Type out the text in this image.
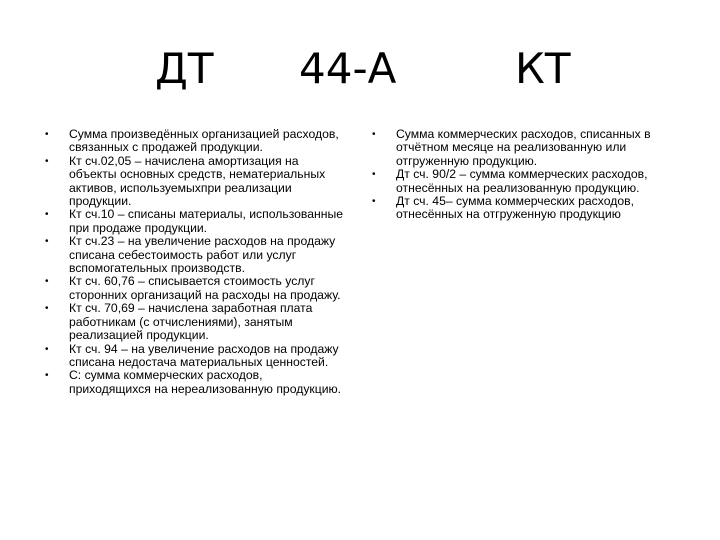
ДТ 44-А	КТ
• Сумма произведённых организацией расходов, связанных с продажей продукции.
• Кт сч.02,05 – начислена амортизация на объекты основных средств, нематериальных активов, используемыхпри реализации продукции.
• Кт сч.10 – списаны материалы, использованные при продаже продукции.
• Кт сч.23 – на увеличение расходов на продажу списана себестоимость работ или услуг вспомогательных производств.
• Кт сч. 60,76 – списывается стоимость услуг сторонних организаций на расходы на продажу.
• Кт сч. 70,69 – начислена заработная плата работникам (с отчислениями), занятым реализацией продукции.
• Кт сч. 94 – на увеличение расходов на продажу списана недостача материальных ценностей.
• С: сумма коммерческих расходов, приходящихся на нереализованную продукцию.
• Сумма коммерческих расходов, списанных в отчётном месяце на реализованную или отгруженную продукцию.
• Дт сч. 90/2 – сумма коммерческих расходов, отнесённых на реализованную продукцию.
• Дт сч. 45– сумма коммерческих расходов, отнесённых на отгруженную продукцию
